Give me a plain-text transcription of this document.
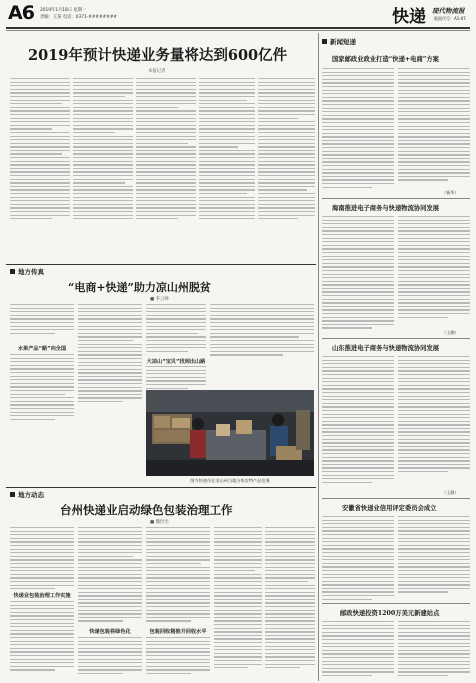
A6 2019年1月18日 星期一
责编：王某 电话：0371-########	快递 现代物流报
版面代号：A1-07
2019年预计快递业务量将达到600亿件
本报记者
地方传真
“电商+快递”助力凉山州脱贫
■ 李云峰
水果产品“路”向全国
大凉山“宝贝”找到出山路
图为快递员在凉山州当地分拣农特产品包裹
地方动态
台州快递业启动绿色包装治理工作
■ 魏世光
快递业包装治理工作实施
快递包装将绿色化	包装回收箱推升回收水平
新闻短递
国家邮政业政业打造“快递+电商”方案
（新华）
海南推进电子商务与快递物流协同发展
（王鹏）
山东推进电子商务与快递物流协同发展
（王静）
安徽省快递业信用评定委员会成立
邮政快递投资1200万美元新建站点
